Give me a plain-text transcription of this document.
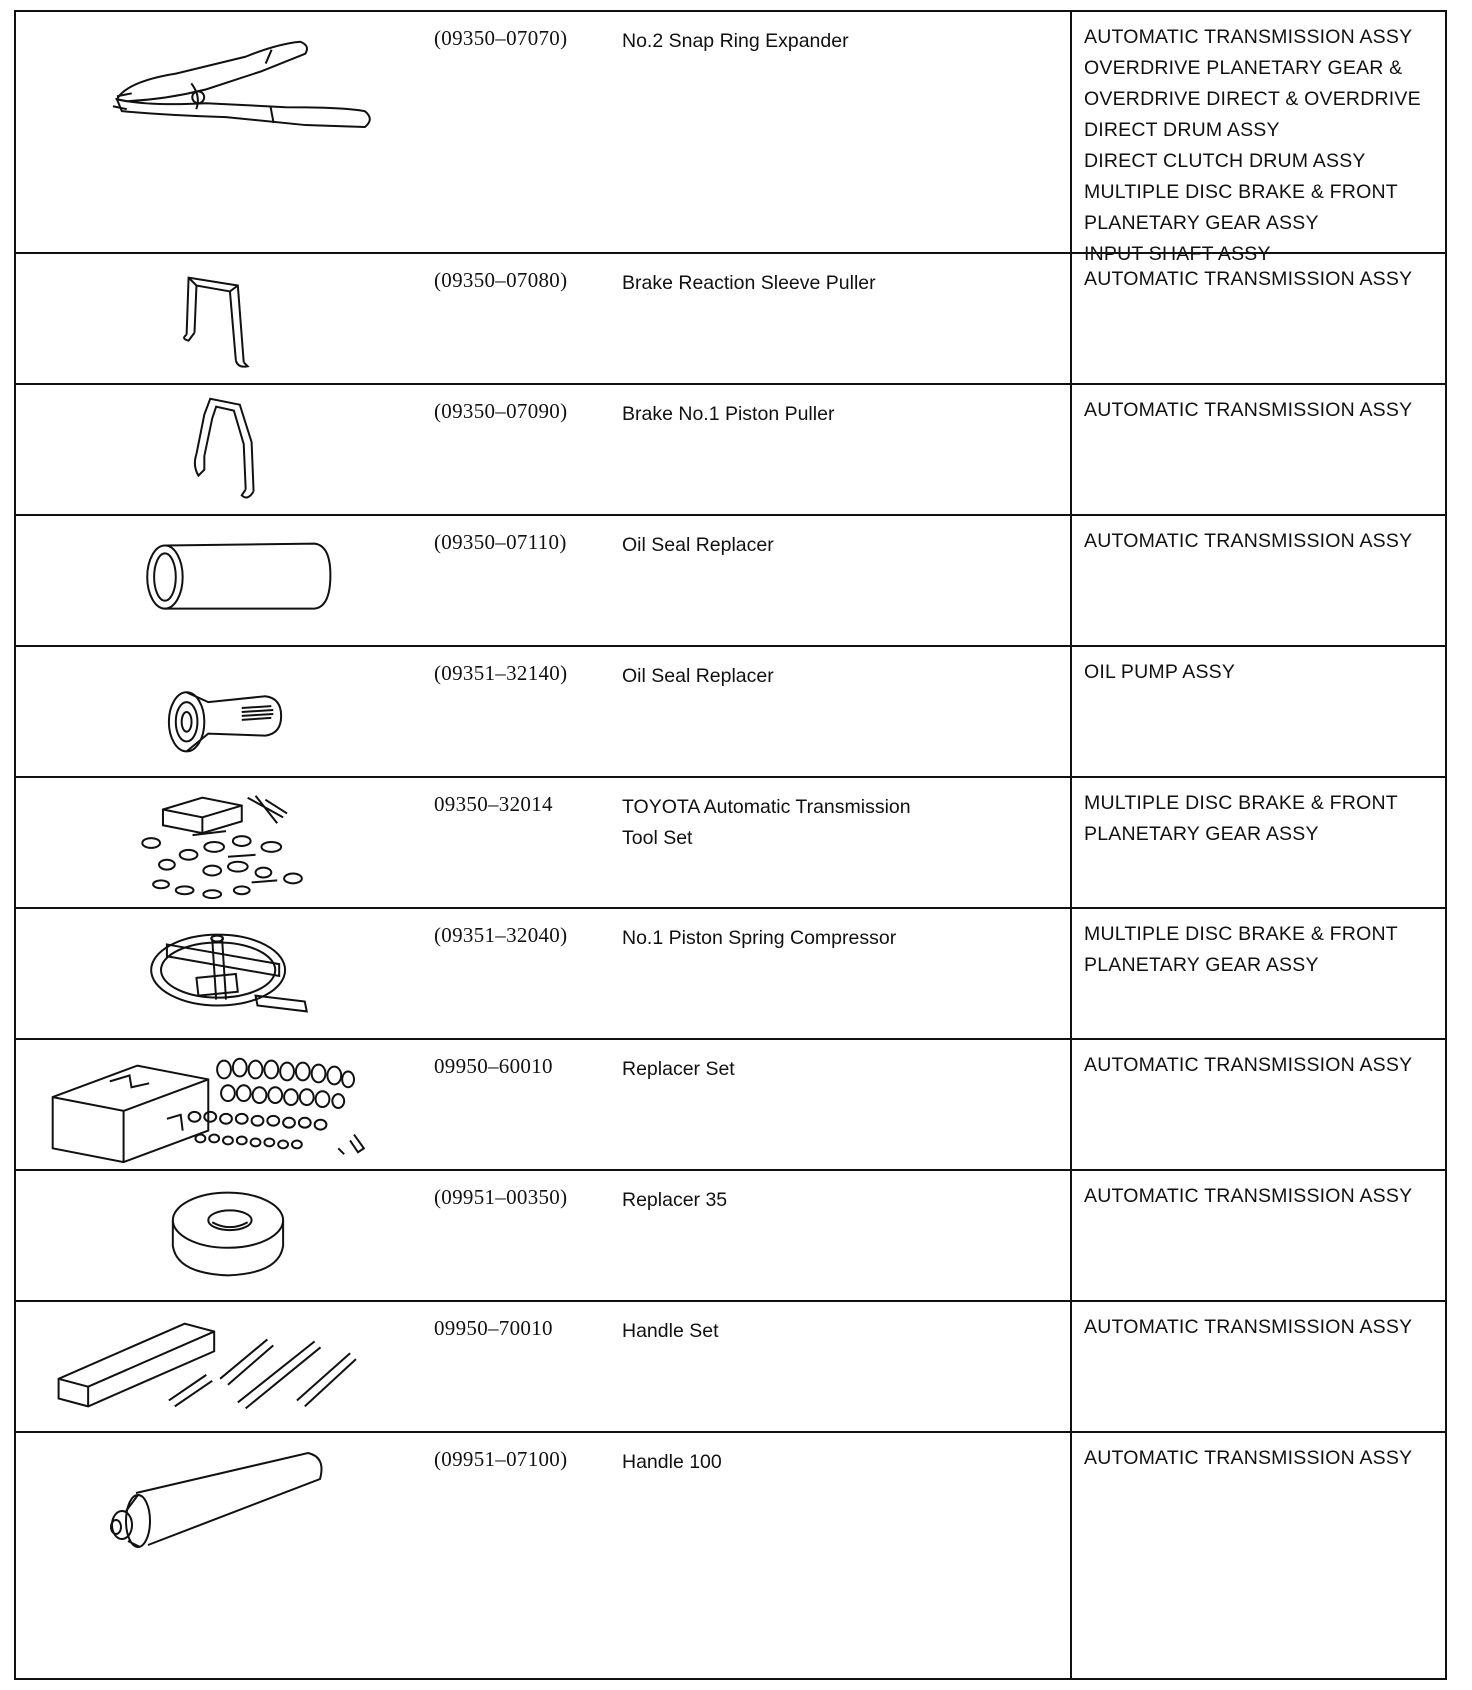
(09350–07070)	No.2 Snap Ring Expander	AUTOMATIC TRANSMISSION ASSY
OVERDRIVE PLANETARY GEAR &
OVERDRIVE DIRECT & OVERDRIVE
DIRECT DRUM ASSY
DIRECT CLUTCH DRUM ASSY
MULTIPLE DISC BRAKE & FRONT
PLANETARY GEAR ASSY
INPUT SHAFT ASSY
(09350–07080)	Brake Reaction Sleeve Puller	AUTOMATIC TRANSMISSION ASSY
(09350–07090)	Brake No.1 Piston Puller	AUTOMATIC TRANSMISSION ASSY
(09350–07110)	Oil Seal Replacer	AUTOMATIC TRANSMISSION ASSY
(09351–32140)	Oil Seal Replacer	OIL PUMP ASSY
09350–32014	TOYOTA Automatic Transmission
Tool Set
MULTIPLE DISC BRAKE & FRONT
PLANETARY GEAR ASSY
(09351–32040)	No.1 Piston Spring Compressor	MULTIPLE DISC BRAKE & FRONT
PLANETARY GEAR ASSY
09950–60010	Replacer Set	AUTOMATIC TRANSMISSION ASSY
(09951–00350)	Replacer 35	AUTOMATIC TRANSMISSION ASSY
09950–70010	Handle Set	AUTOMATIC TRANSMISSION ASSY
(09951–07100)	Handle 100	AUTOMATIC TRANSMISSION ASSY
